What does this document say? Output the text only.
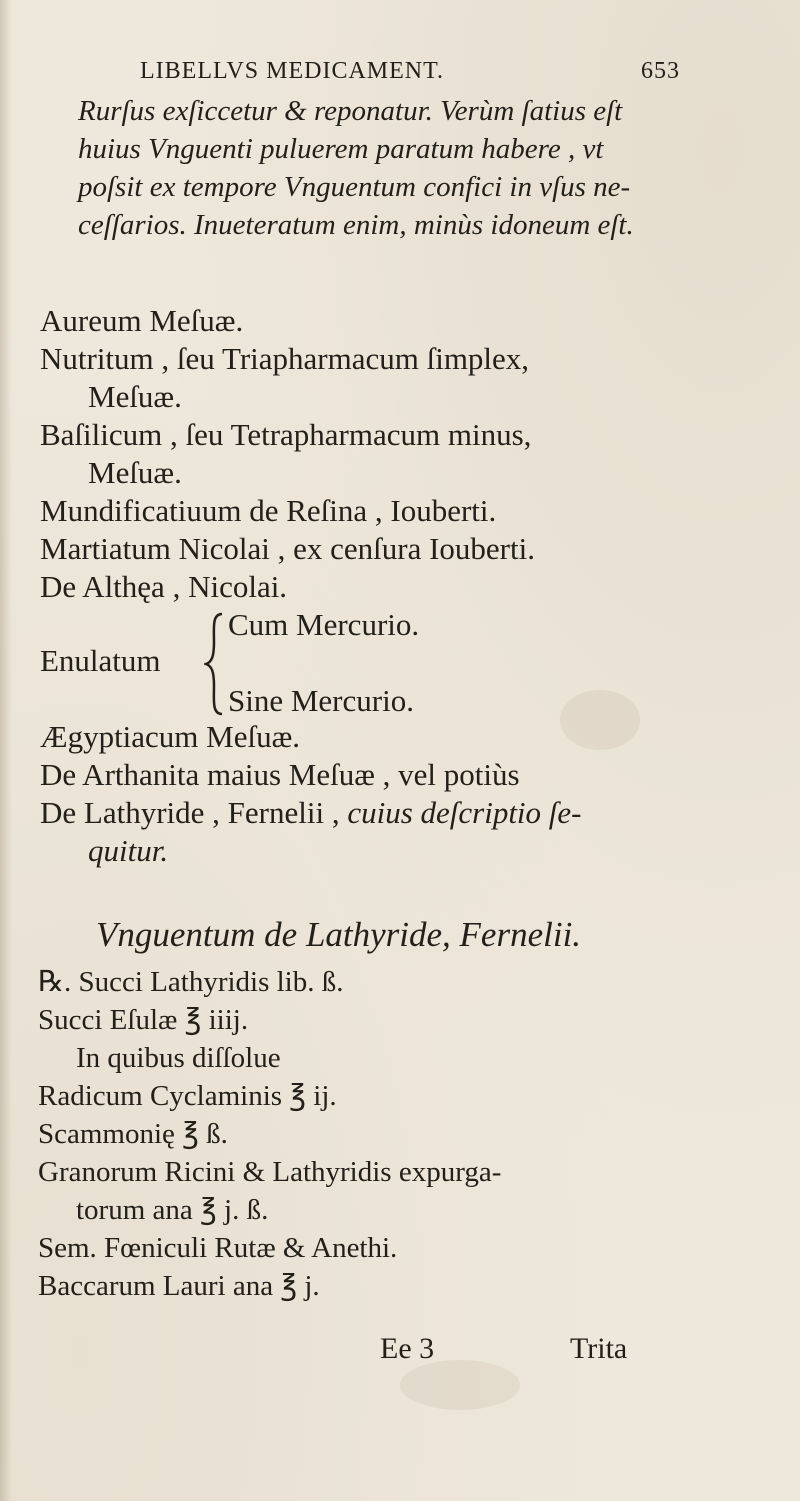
LIBELLVS MEDICAMENT.	653
Rurſus exſiccetur & reponatur. Verùm ſatius eſt
huius Vnguenti puluerem paratum habere , vt
poſsit ex tempore Vnguentum confici in vſus ne-
ceſſarios. Inueteratum enim, minùs idoneum eſt.
Aureum Meſuæ.
Nutritum , ſeu Triapharmacum ſimplex,
Meſuæ.
Baſilicum , ſeu Tetrapharmacum minus,
Meſuæ.
Mundificatiuum de Reſina , Iouberti.
Martiatum Nicolai , ex cenſura Iouberti.
De Althęa , Nicolai.
Enulatum
Cum Mercurio.
Sine Mercurio.
Ægyptiacum Meſuæ.
De Arthanita maius Meſuæ , vel potiùs
De Lathyride , Fernelii , cuius deſcriptio ſe-
quitur.
Vnguentum de Lathyride, Fernelii.
℞. Succi Lathyridis lib. ß.
Succi Eſulæ ℥ iiij.
In quibus diſſolue
Radicum Cyclaminis ℥ ij.
Scammonię ℥ ß.
Granorum Ricini & Lathyridis expurga-
torum ana ℥ j. ß.
Sem. Fœniculi Rutæ & Anethi.
Baccarum Lauri ana ℥ j.
Ee 3	Trita
